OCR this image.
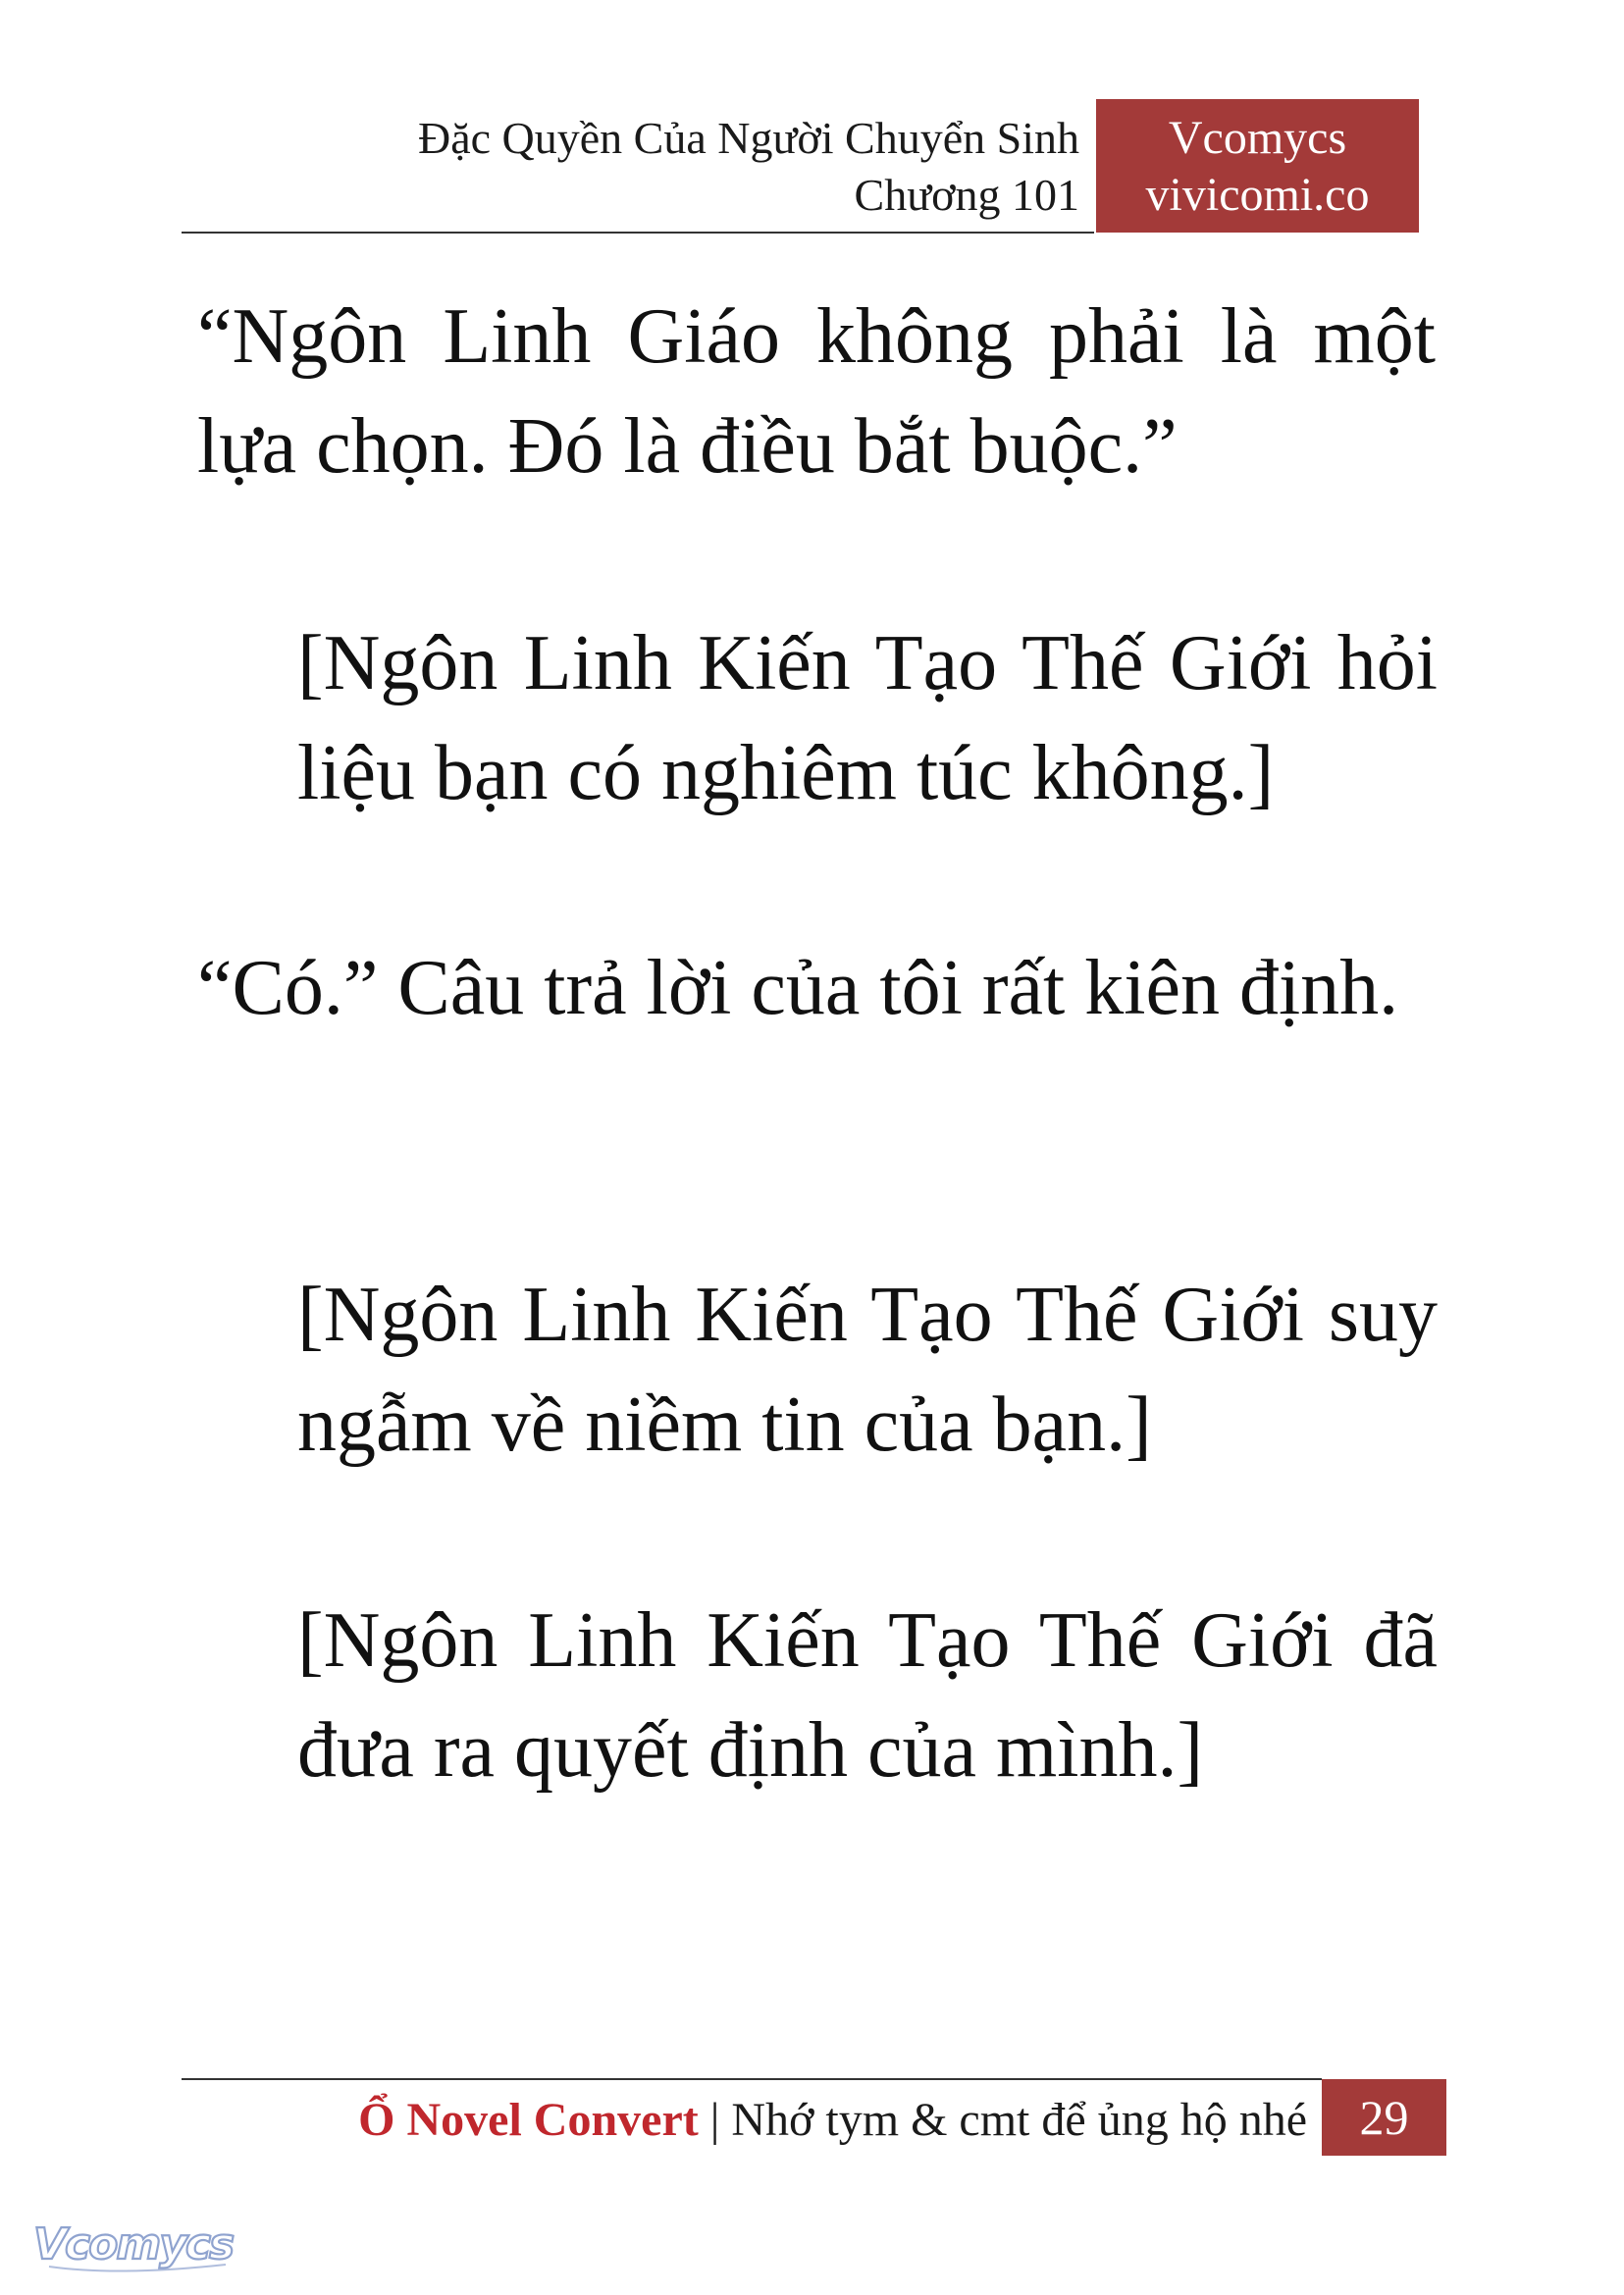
Đặc Quyền Của Người Chuyển Sinh
Chương 101
Vcomycs
vivicomi.co
“Ngôn Linh Giáo không phải là một lựa chọn. Đó là điều bắt buộc.”
[Ngôn Linh Kiến Tạo Thế Giới hỏi liệu bạn có nghiêm túc không.]
“Có.” Câu trả lời của tôi rất kiên định.
[Ngôn Linh Kiến Tạo Thế Giới suy ngẫm về niềm tin của bạn.]
[Ngôn Linh Kiến Tạo Thế Giới đã đưa ra quyết định của mình.]
Ổ Novel Convert | Nhớ tym & cmt để ủng hộ nhé	29
Vcomycs
